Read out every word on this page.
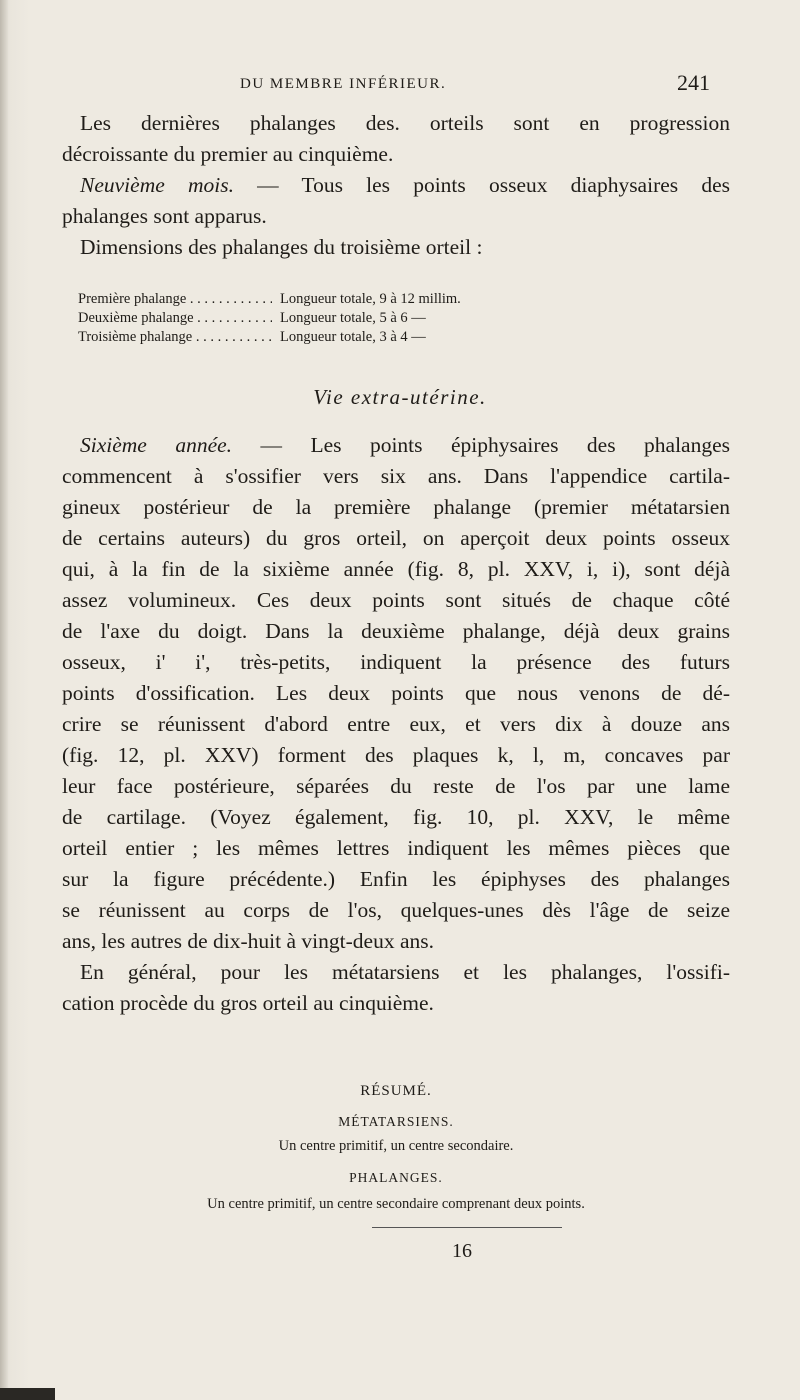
DU MEMBRE INFÉRIEUR.	241
Les dernières phalanges des. orteils sont en progression
décroissante du premier au cinquième.
Neuvième mois. — Tous les points osseux diaphysaires des
phalanges sont apparus.
Dimensions des phalanges du troisième orteil :
Première phalange . . .	Longueur totale, 9 à 12 millim.
Deuxième phalange . . .	Longueur totale, 5 à 6 —
Troisième phalange . . .	Longueur totale, 3 à 4 —
Vie extra-utérine.
Sixième année. — Les points épiphysaires des phalanges
commencent à s'ossifier vers six ans. Dans l'appendice cartila-
gineux postérieur de la première phalange (premier métatarsien
de certains auteurs) du gros orteil, on aperçoit deux points osseux
qui, à la fin de la sixième année (fig. 8, pl. XXV, i, i), sont déjà
assez volumineux. Ces deux points sont situés de chaque côté
de l'axe du doigt. Dans la deuxième phalange, déjà deux grains
osseux, i' i', très-petits, indiquent la présence des futurs
points d'ossification. Les deux points que nous venons de dé-
crire se réunissent d'abord entre eux, et vers dix à douze ans
(fig. 12, pl. XXV) forment des plaques k, l, m, concaves par
leur face postérieure, séparées du reste de l'os par une lame
de cartilage. (Voyez également, fig. 10, pl. XXV, le même
orteil entier ; les mêmes lettres indiquent les mêmes pièces que
sur la figure précédente.) Enfin les épiphyses des phalanges
se réunissent au corps de l'os, quelques-unes dès l'âge de seize
ans, les autres de dix-huit à vingt-deux ans.
En général, pour les métatarsiens et les phalanges, l'ossifi-
cation procède du gros orteil au cinquième.
RÉSUMÉ.
MÉTATARSIENS.
Un centre primitif, un centre secondaire.
PHALANGES.
Un centre primitif, un centre secondaire comprenant deux points.
16
